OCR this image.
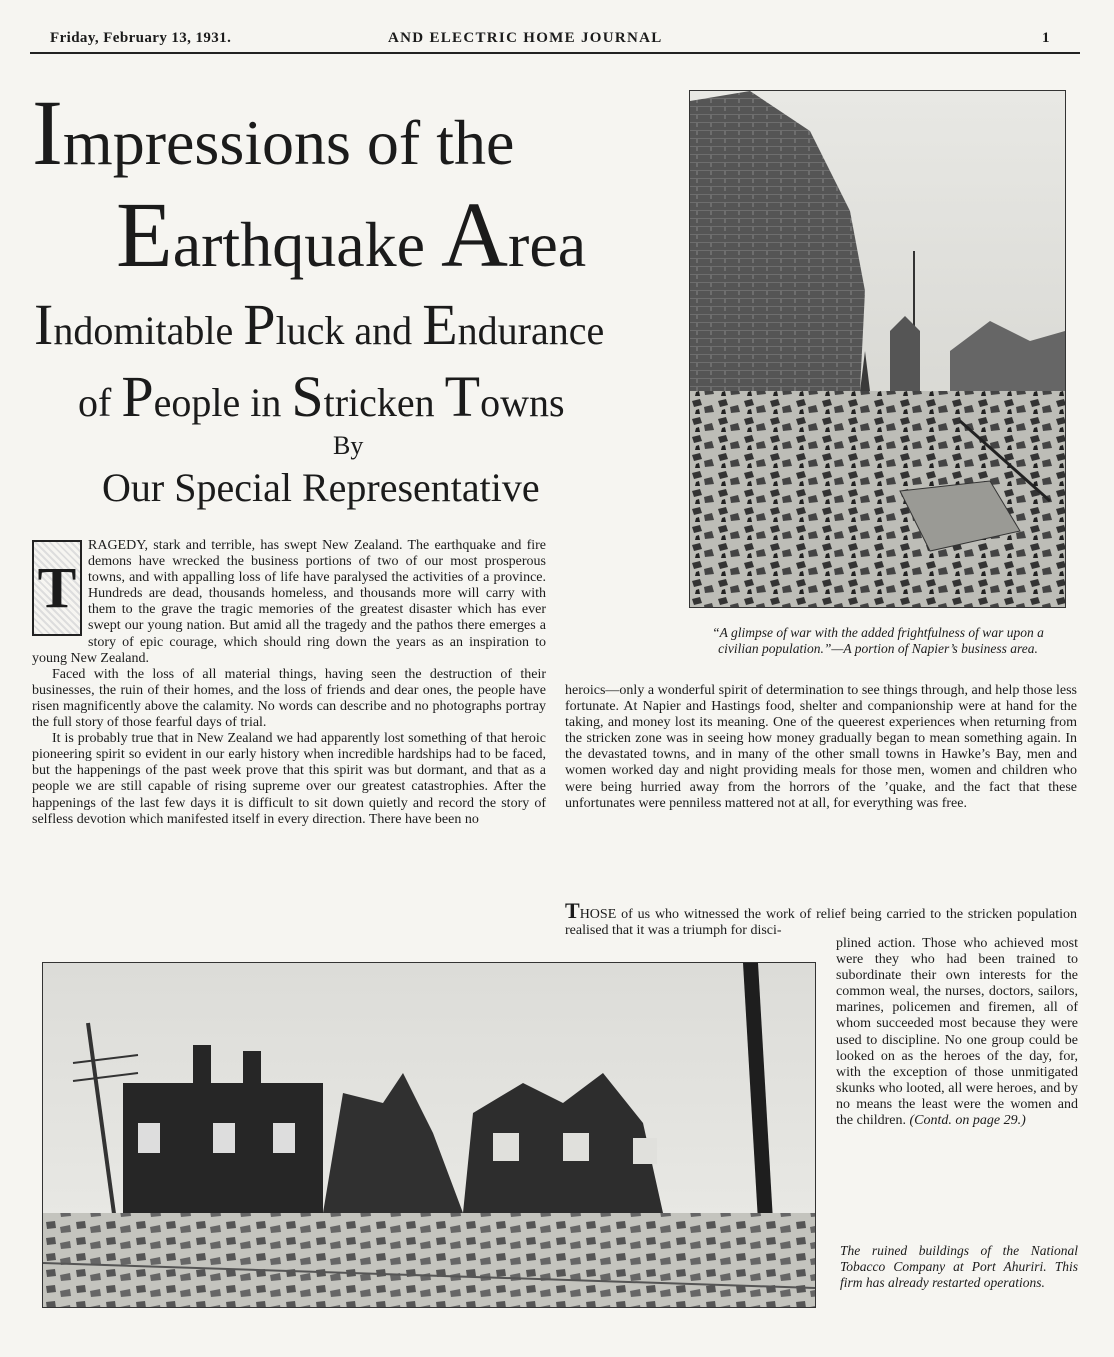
Friday, February 13, 1931.	AND ELECTRIC HOME JOURNAL	1
Impressions of the
Earthquake Area
Indomitable Pluck and Endurance
of People in Stricken Towns
By
Our Special Representative
“A glimpse of war with the added frightfulness of war upon a civilian population.”—A portion of Napier’s business area.
The ruined buildings of the National Tobacco Company at Port Ahuriri. This firm has already restarted operations.

T
RAGEDY, stark and terrible, has swept New Zealand. The earthquake and fire demons have wrecked the business portions of two of our most prosperous towns, and with appalling loss of life have paralysed the activities of a province. Hundreds are dead, thousands homeless, and thousands more will carry with them to the grave the tragic memories of the greatest disaster which has ever swept our young nation. But amid all the tragedy and the pathos there emerges a story of epic courage, which should ring down the years as an inspiration to young New Zealand.

Faced with the loss of all material things, having seen the destruction of their businesses, the ruin of their homes, and the loss of friends and dear ones, the people have risen magnificently above the calamity. No words can describe and no photographs portray the full story of those fearful days of trial.

It is probably true that in New Zealand we had apparently lost something of that heroic pioneering spirit so evident in our early history when incredible hardships had to be faced, but the happenings of the past week prove that this spirit was but dormant, and that as a people we are still capable of rising supreme over our greatest catastrophies. After the happenings of the last few days it is difficult to sit down quietly and record the story of selfless devotion which manifested itself in every direction. There have been no

heroics—only a wonderful spirit of determination to see things through, and help those less fortunate. At Napier and Hastings food, shelter and companionship were at hand for the taking, and money lost its meaning. One of the queerest experiences when returning from the stricken zone was in seeing how money gradually began to mean something again. In the devastated towns, and in many of the other small towns in Hawke’s Bay, men and women worked day and night providing meals for those men, women and children who were being hurried away from the horrors of the ’quake, and the fact that these unfortunates were penniless mattered not at all, for everything was free.

THOSE of us who witnessed the work of relief being carried to the stricken population realised that it was a triumph for disci-

plined action. Those who achieved most were they who had been trained to subordinate their own interests for the common weal, the nurses, doctors, sailors, marines, policemen and firemen, all of whom succeeded most because they were used to discipline. No one group could be looked on as the heroes of the day, for, with the exception of those unmitigated skunks who looted, all were heroes, and by no means the least were the women and the children. (Contd. on page 29.)
